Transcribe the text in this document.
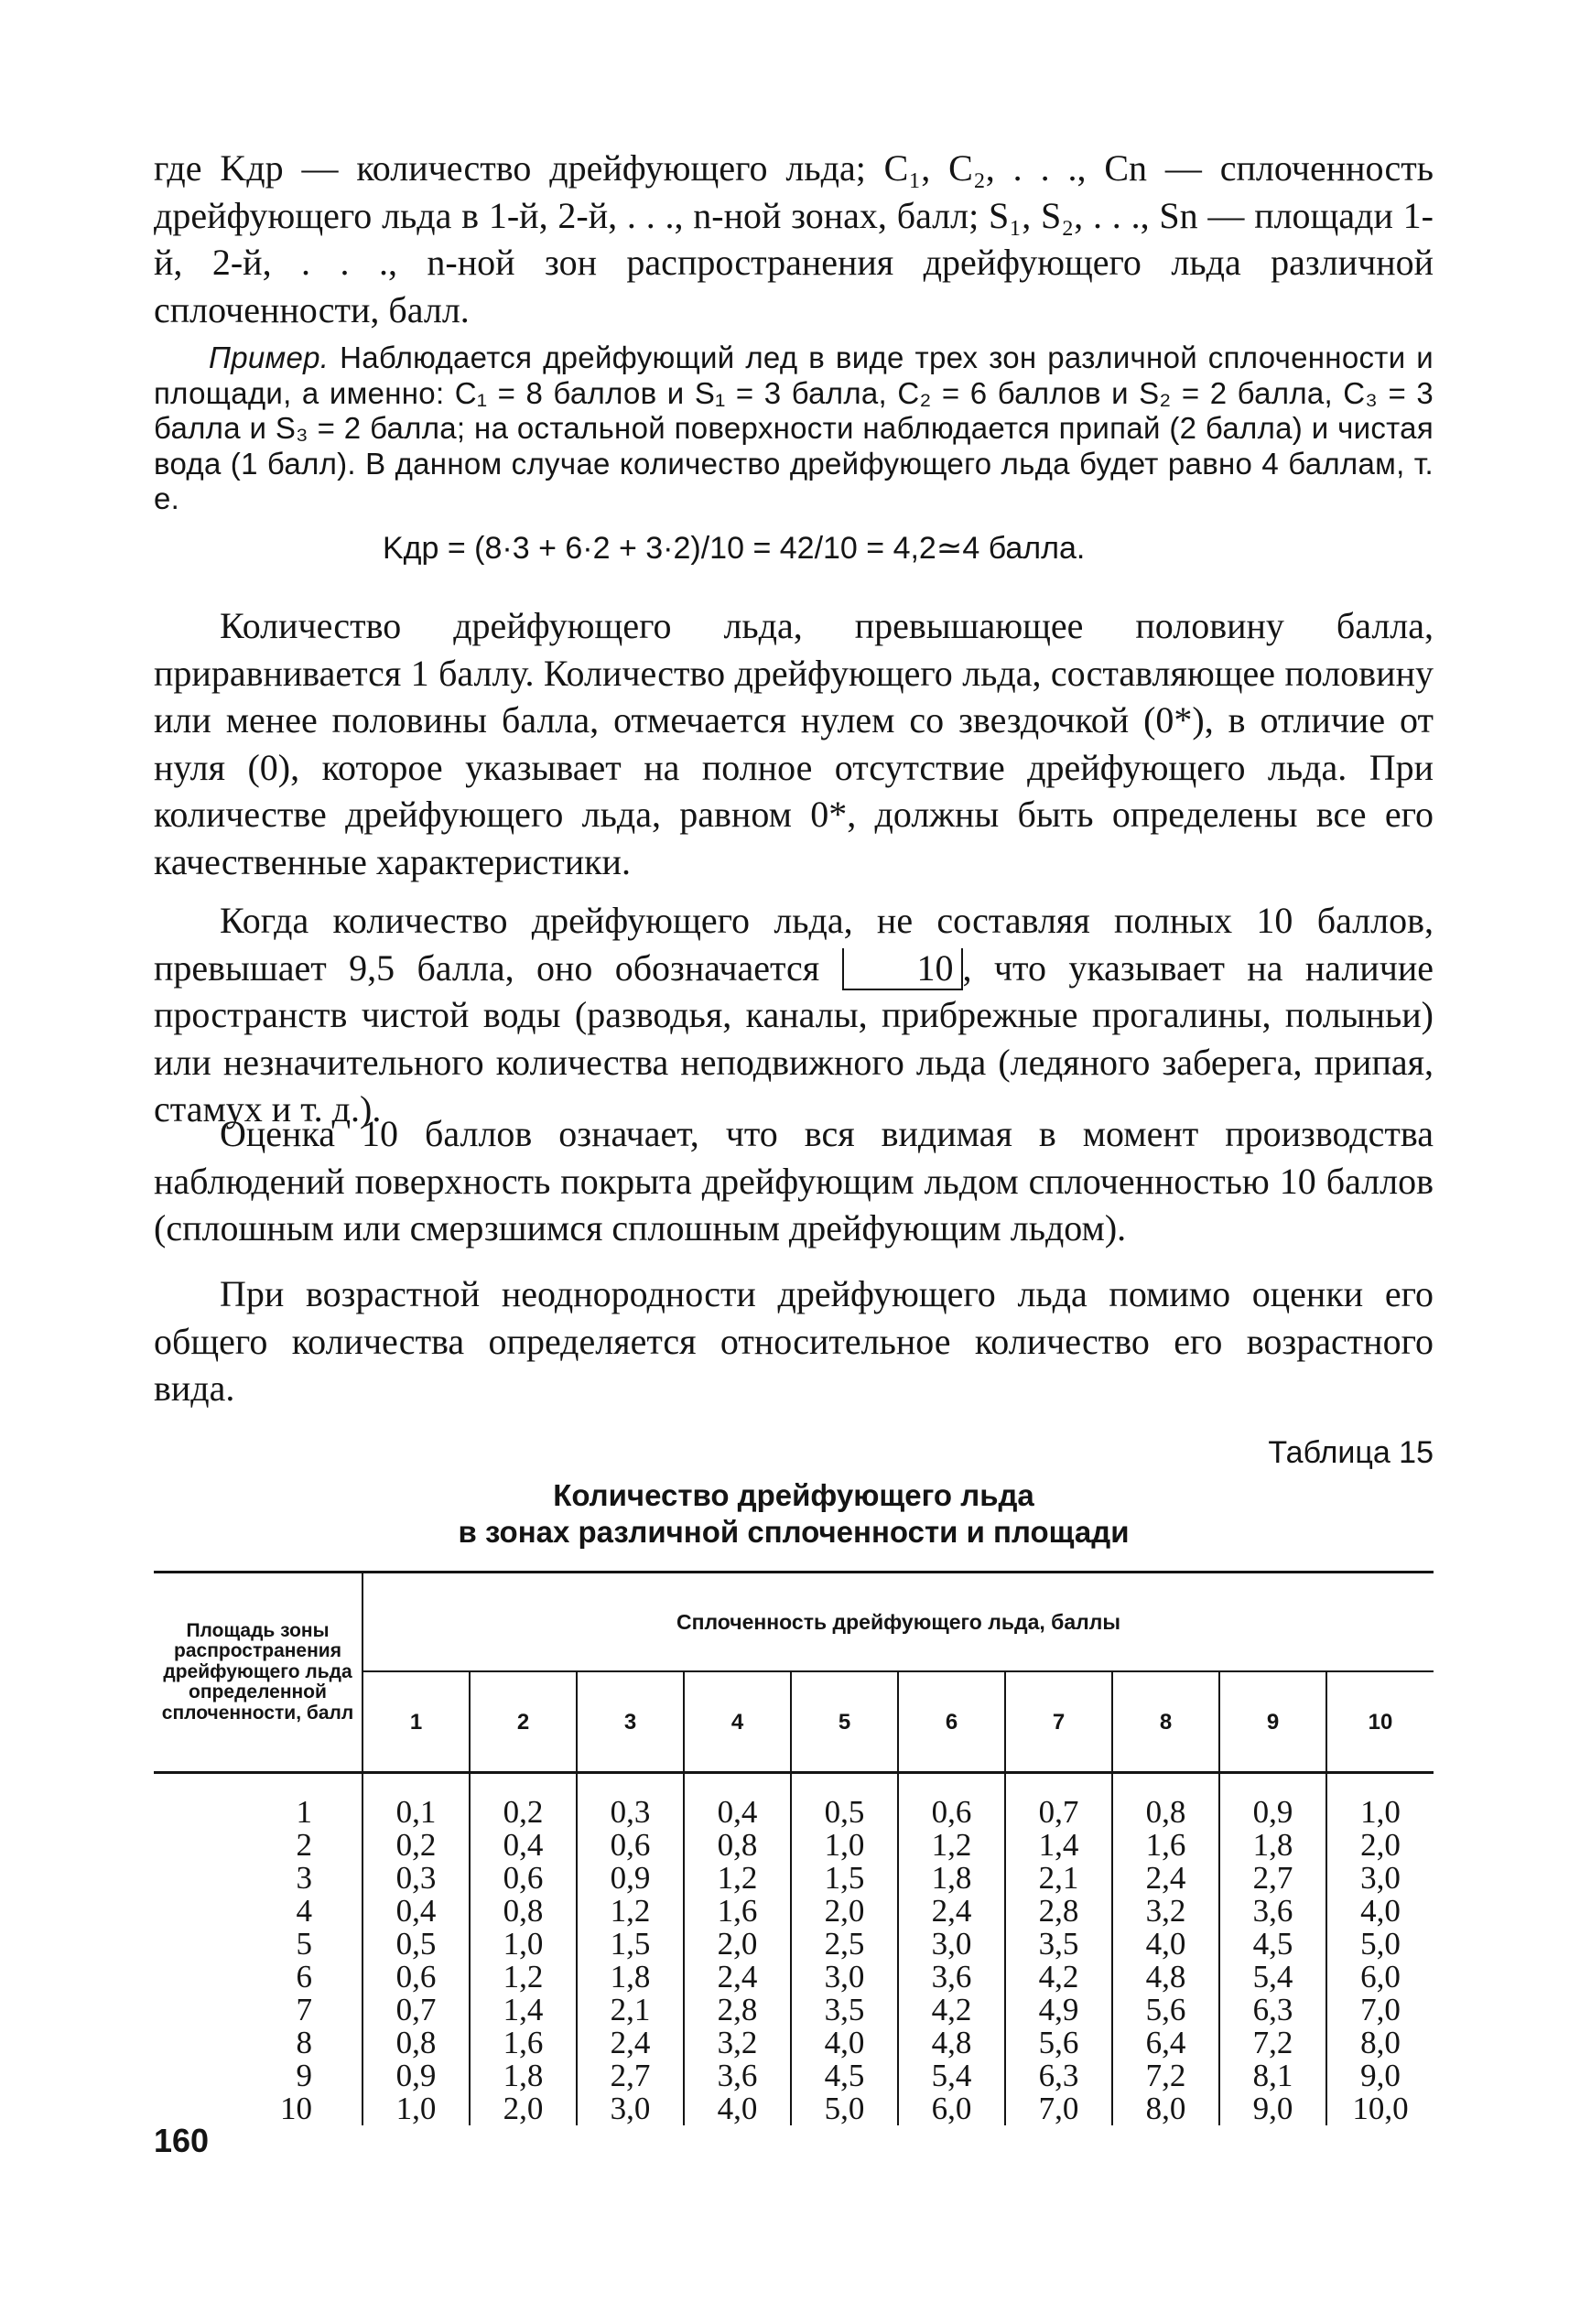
где Kдр — количество дрейфующего льда; C₁, C₂, . . ., Cn — сплоченность дрейфующего льда в 1-й, 2-й, . . ., n-ной зонах, балл; S₁, S₂, . . ., Sn — площади 1-й, 2-й, . . ., n-ной зон распространения дрейфующего льда различной сплоченности, балл.

Пример. Наблюдается дрейфующий лед в виде трех зон различной сплоченности и площади, а именно: C₁ = 8 баллов и S₁ = 3 балла, C₂ = 6 баллов и S₂ = 2 балла, C₃ = 3 балла и S₃ = 2 балла; на остальной поверхности наблюдается припай (2 балла) и чистая вода (1 балл). В данном случае количество дрейфующего льда будет равно 4 баллам, т. е.

Kдр = (8·3 + 6·2 + 3·2)/10 = 42/10 = 4,2≃4 балла.

Количество дрейфующего льда, превышающее половину балла, приравнивается 1 баллу. Количество дрейфующего льда, составляющее половину или менее половины балла, отмечается нулем со звездочкой (0*), в отличие от нуля (0), которое указывает на полное отсутствие дрейфующего льда. При количестве дрейфующего льда, равном 0*, должны быть определены все его качественные характеристики.

Когда количество дрейфующего льда, не составляя полных 10 баллов, превышает 9,5 балла, оно обозначается 10 , что указывает на наличие пространств чистой воды (разводья, каналы, прибрежные прогалины, полыньи) или незначительного количества неподвижного льда (ледяного заберега, припая, стамух и т. д.).

Оценка 10 баллов означает, что вся видимая в момент производства наблюдений поверхность покрыта дрейфующим льдом сплоченностью 10 баллов (сплошным или смерзшимся сплошным дрейфующим льдом).

При возрастной неоднородности дрейфующего льда помимо оценки его общего количества определяется относительное количество его возрастного вида.

Таблица 15
Количество дрейфующего льда
в зонах различной сплоченности и площади
Площадь зоны распространения дрейфующего льда определенной сплоченности, балл	Сплоченность дрейфующего льда, баллы									
	1	2	3	4	5	6	7	8	9	10
1	0,1	0,2	0,3	0,4	0,5	0,6	0,7	0,8	0,9	1,0
2	0,2	0,4	0,6	0,8	1,0	1,2	1,4	1,6	1,8	2,0
3	0,3	0,6	0,9	1,2	1,5	1,8	2,1	2,4	2,7	3,0
4	0,4	0,8	1,2	1,6	2,0	2,4	2,8	3,2	3,6	4,0
5	0,5	1,0	1,5	2,0	2,5	3,0	3,5	4,0	4,5	5,0
6	0,6	1,2	1,8	2,4	3,0	3,6	4,2	4,8	5,4	6,0
7	0,7	1,4	2,1	2,8	3,5	4,2	4,9	5,6	6,3	7,0
8	0,8	1,6	2,4	3,2	4,0	4,8	5,6	6,4	7,2	8,0
9	0,9	1,8	2,7	3,6	4,5	5,4	6,3	7,2	8,1	9,0
10	1,0	2,0	3,0	4,0	5,0	6,0	7,0	8,0	9,0	10,0
160
